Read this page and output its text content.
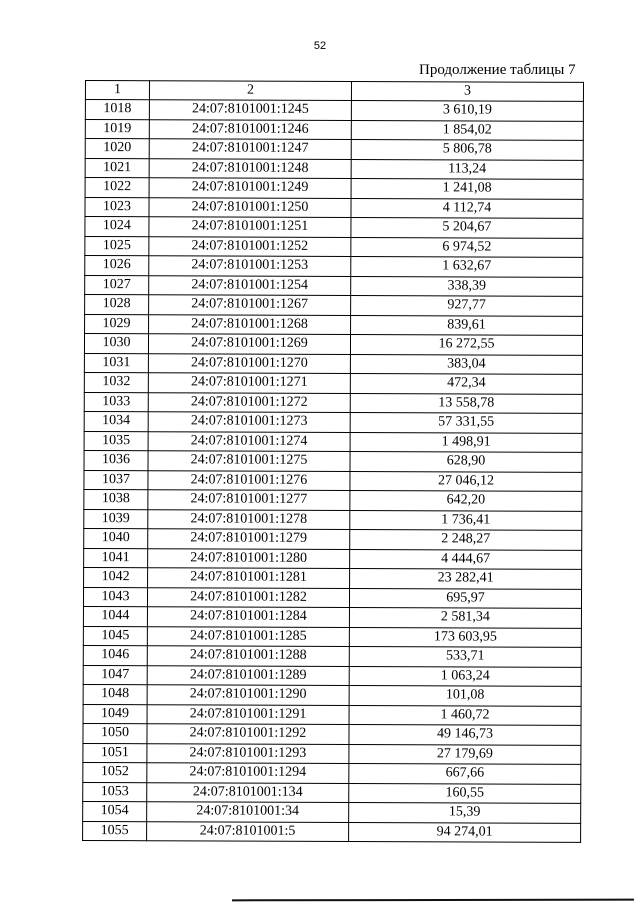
52
Продолжение таблицы 7
1	2	3
1018	24:07:8101001:1245	3 610,19
1019	24:07:8101001:1246	1 854,02
1020	24:07:8101001:1247	5 806,78
1021	24:07:8101001:1248	113,24
1022	24:07:8101001:1249	1 241,08
1023	24:07:8101001:1250	4 112,74
1024	24:07:8101001:1251	5 204,67
1025	24:07:8101001:1252	6 974,52
1026	24:07:8101001:1253	1 632,67
1027	24:07:8101001:1254	338,39
1028	24:07:8101001:1267	927,77
1029	24:07:8101001:1268	839,61
1030	24:07:8101001:1269	16 272,55
1031	24:07:8101001:1270	383,04
1032	24:07:8101001:1271	472,34
1033	24:07:8101001:1272	13 558,78
1034	24:07:8101001:1273	57 331,55
1035	24:07:8101001:1274	1 498,91
1036	24:07:8101001:1275	628,90
1037	24:07:8101001:1276	27 046,12
1038	24:07:8101001:1277	642,20
1039	24:07:8101001:1278	1 736,41
1040	24:07:8101001:1279	2 248,27
1041	24:07:8101001:1280	4 444,67
1042	24:07:8101001:1281	23 282,41
1043	24:07:8101001:1282	695,97
1044	24:07:8101001:1284	2 581,34
1045	24:07:8101001:1285	173 603,95
1046	24:07:8101001:1288	533,71
1047	24:07:8101001:1289	1 063,24
1048	24:07:8101001:1290	101,08
1049	24:07:8101001:1291	1 460,72
1050	24:07:8101001:1292	49 146,73
1051	24:07:8101001:1293	27 179,69
1052	24:07:8101001:1294	667,66
1053	24:07:8101001:134	160,55
1054	24:07:8101001:34	15,39
1055	24:07:8101001:5	94 274,01
